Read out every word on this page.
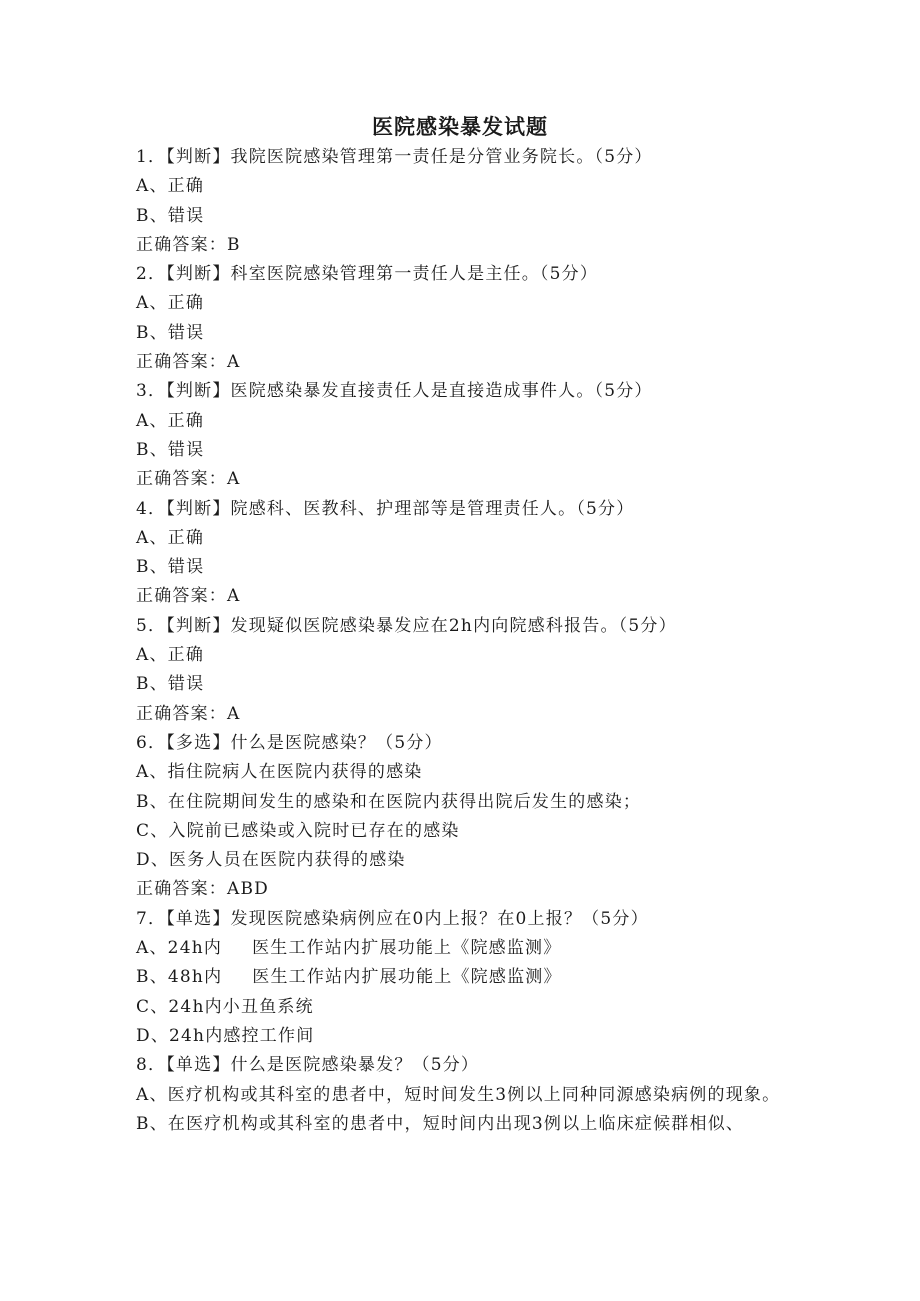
医院感染暴发试题
1．【判断】我院医院感染管理第一责任是分管业务院长。（5分）
A、正确
B、错误
正确答案：B
2．【判断】科室医院感染管理第一责任人是主任。（5分）
A、正确
B、错误
正确答案：A
3．【判断】医院感染暴发直接责任人是直接造成事件人。（5分）
A、正确
B、错误
正确答案：A
4．【判断】院感科、医教科、护理部等是管理责任人。（5分）
A、正确
B、错误
正确答案：A
5．【判断】发现疑似医院感染暴发应在2h内向院感科报告。（5分）
A、正确
B、错误
正确答案：A
6．【多选】什么是医院感染？（5分）
A、指住院病人在医院内获得的感染
B、在住院期间发生的感染和在医院内获得出院后发生的感染；
C、入院前已感染或入院时已存在的感染
D、医务人员在医院内获得的感染
正确答案：ABD
7．【单选】发现医院感染病例应在0内上报？在0上报？（5分）
A、24h内 医生工作站内扩展功能上《院感监测》
B、48h内 医生工作站内扩展功能上《院感监测》
C、24h内小丑鱼系统
D、24h内感控工作间
8．【单选】什么是医院感染暴发？（5分）
A、医疗机构或其科室的患者中，短时间发生3例以上同种同源感染病例的现象。
B、在医疗机构或其科室的患者中，短时间内出现3例以上临床症候群相似、
